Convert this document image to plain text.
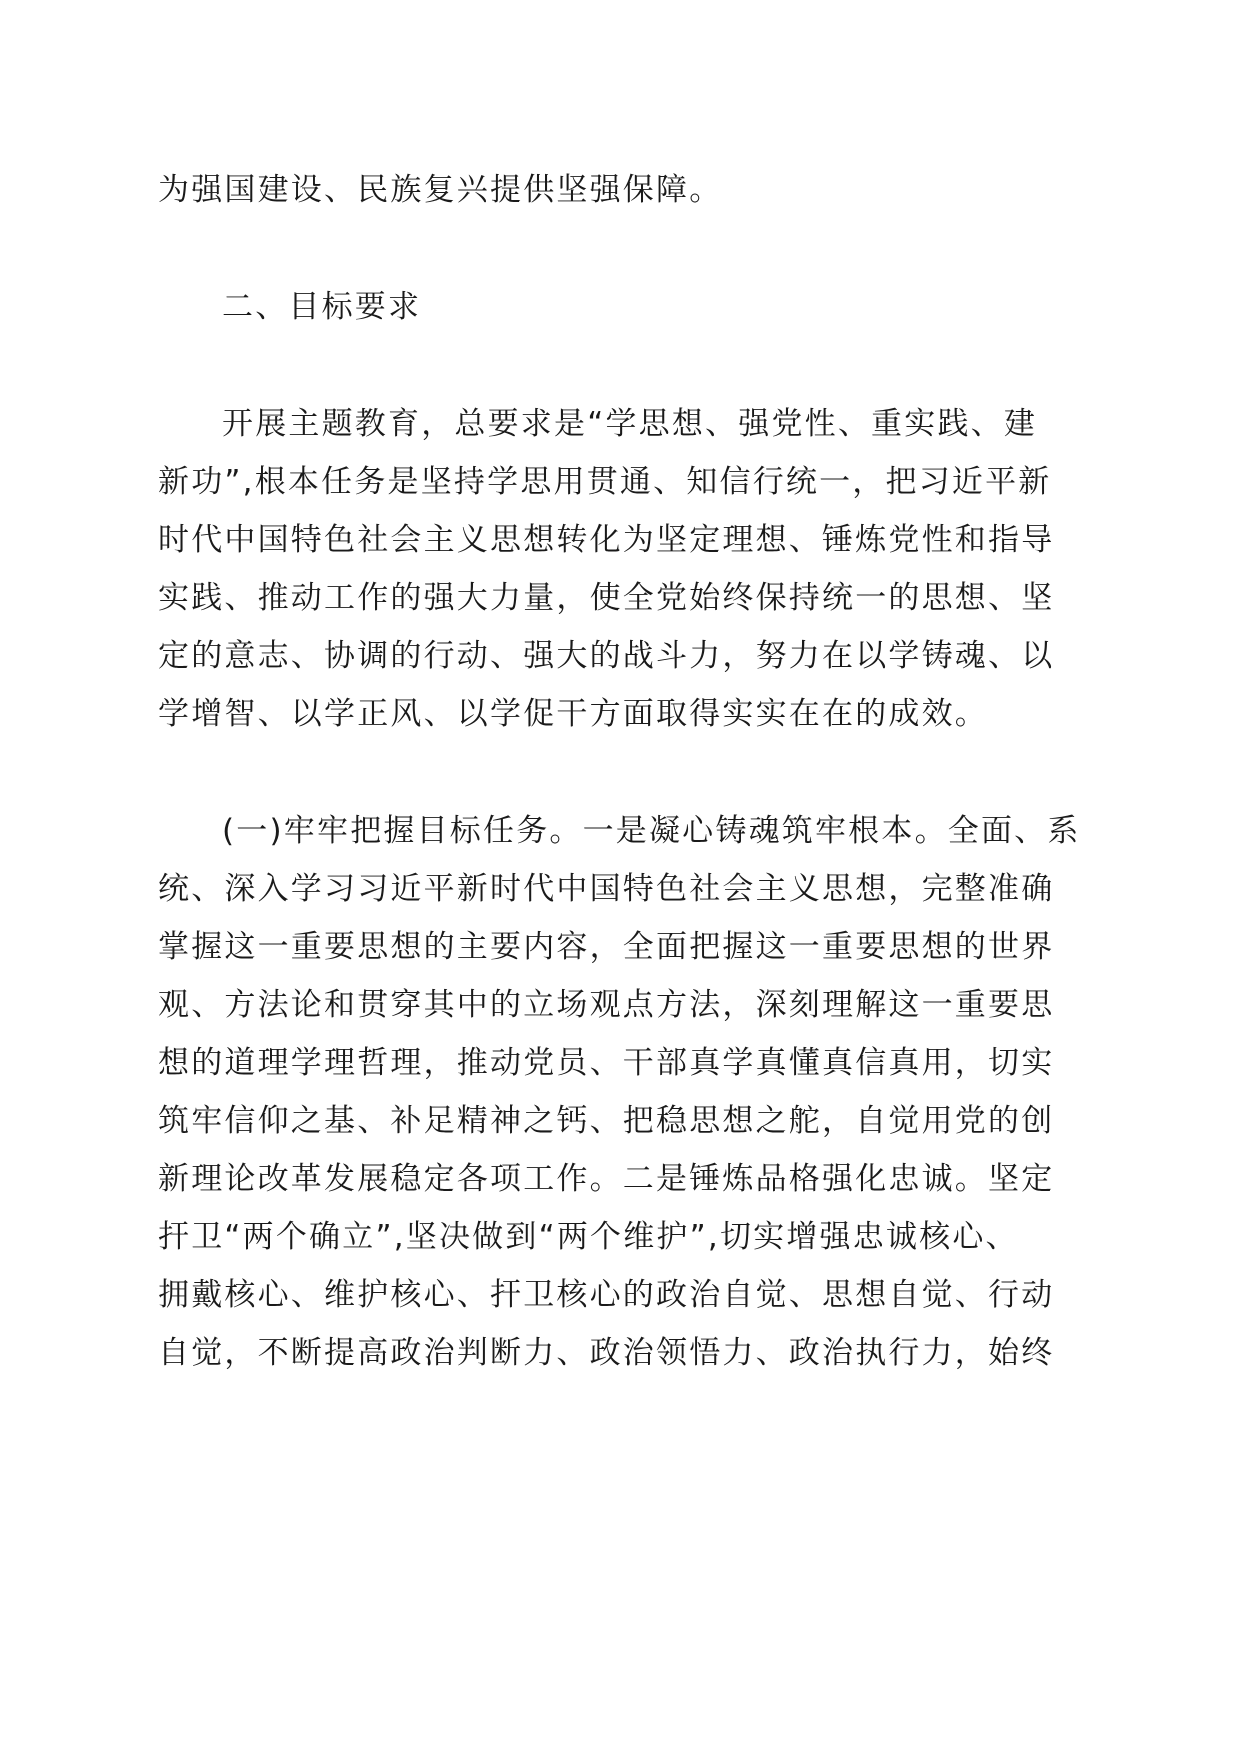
为强国建设、民族复兴提供坚强保障。

二、目标要求

开展主题教育，总要求是“学思想、强党性、重实践、建

新功”,根本任务是坚持学思用贯通、知信行统一，把习近平新

时代中国特色社会主义思想转化为坚定理想、锤炼党性和指导

实践、推动工作的强大力量，使全党始终保持统一的思想、坚

定的意志、协调的行动、强大的战斗力，努力在以学铸魂、以

学增智、以学正风、以学促干方面取得实实在在的成效。

(一)牢牢把握目标任务。一是凝心铸魂筑牢根本。全面、系

统、深入学习习近平新时代中国特色社会主义思想，完整准确

掌握这一重要思想的主要内容，全面把握这一重要思想的世界

观、方法论和贯穿其中的立场观点方法，深刻理解这一重要思

想的道理学理哲理，推动党员、干部真学真懂真信真用，切实

筑牢信仰之基、补足精神之钙、把稳思想之舵，自觉用党的创

新理论改革发展稳定各项工作。二是锤炼品格强化忠诚。坚定

扞卫“两个确立”,坚决做到“两个维护”,切实增强忠诚核心、

拥戴核心、维护核心、扞卫核心的政治自觉、思想自觉、行动

自觉，不断提高政治判断力、政治领悟力、政治执行力，始终
